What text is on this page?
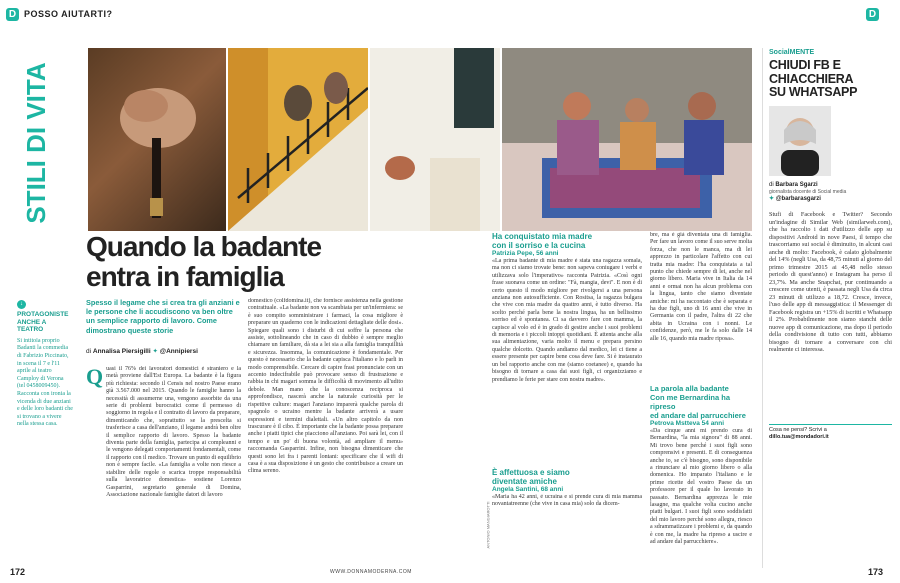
D POSSO AIUTARTI?	D
STILI DI VITA
ANTONIO MANGIAROTTI
Quando la badante
entra in famiglia
Spesso il legame che si crea tra gli anziani e le persone che li accudiscono va ben oltre un semplice rapporto di lavoro. Come dimostrano queste storie
di Annalisa Piersigilli ✦ @Annipiersi
↓
PROTAGONISTE
ANCHE A TEATRO
Si intitola proprio Badanti la commedia di Fabrizio Piccinato, in scena il 7 e l'11 aprile al teatro Camploy di Verona (tel 0458009450). Racconta con ironia la vicenda di due anziani e delle loro badanti che si trovano a vivere nella stessa casa.
Q uasi il 76% dei lavoratori domestici è straniero e la metà proviene dall'Est Europa. La badante è la figura più richiesta: secondo il Censis nel nostro Paese erano già 3.567.000 nel 2015. Quando le famiglie hanno la necessità di assumerne una, vengono assorbite da una serie di problemi burocratici come il permesso di soggiorno in regola e il contratto di lavoro da preparare, dimenticando che, soprattutto se la prescelta si trasferisce a casa dell'anziano, il legame andrà ben oltre il semplice rapporto di lavoro. Spesso la badante diventa parte della famiglia, partecipa ai compleanni e le vengono delegati comportamenti fondamentali, come il rapporto con il medico. Trovare un punto di equilibrio non è sempre facile. «La famiglia a volte non riesce a stabilire delle regole o scarica troppe responsabilità sulla lavoratrice domestica» sostiene Lorenzo Gasparrini, segretario generale di Domina, Associazione nazionale famiglie datori di lavoro
domestico (colfdomina.it), che fornisce assistenza nella gestione contrattuale. «La badante non va scambiata per un'infermiera: se è suo compito somministrare i farmaci, la cosa migliore è preparare un quaderno con le indicazioni dettagliate delle dosi». Spiegare quali sono i disturbi di cui soffre la persona che assiste, sottolineando che in caso di dubbio è sempre meglio chiamare un familiare, dà sia a lei sia a alla famiglia tranquillità e sicurezza. Insomma, la comunicazione è fondamentale. Per questo è necessario che la badante capisca l'italiano e lo parli in modo comprensibile. Cercare di capire frasi pronunciate con un accento indecifrabile può provocare senso di frustrazione e rabbia in chi magari somma le difficoltà di movimento all'udito debole. Man mano che la conoscenza reciproca si approfondisce, nascerà anche la naturale curiosità per le rispettive culture: magari l'anziano imparerà qualche parola di spagnolo o ucraino mentre la badante arriverà a usare espressioni e termini dialettali. «Un altro capitolo da non trascurare è il cibo. È importante che la badante possa preparare anche i piatti tipici che piacciono all'anziano. Poi sarà lei, con il tempo e un po' di buona volontà, ad ampliare il menu» raccomanda Gasparrini. Infine, non bisogna dimenticare che questi sono lei fra i parenti lontani: specificare che il wifi di casa è a sua disposizione è un gesto che contribuisce a creare un clima sereno.
Ha conquistato mia madre
con il sorriso e la cucina
Patrizia Pepe, 56 anni
«La prima badante di mia madre è stata una ragazza somala, ma non ci siamo trovate bene: non sapeva coniugare i verbi e utilizzava solo l'imperativo» racconta Patrizia. «Così ogni frase suonava come un ordine: "Fà, mangia, devi". E non è di certo questo il modo migliore per rivolgersi a una persona anziana non autosufficiente. Con Rositsa, la ragazza bulgara che vive con mia madre da quattro anni, è tutto diverso. Ha scelto perché parla bene la nostra lingua, ha un bellissimo sorriso ed è spontanea. Ci sa davvero fare con mamma, la capisce al volo ed è in grado di gestire anche i suoi problemi di memoria e i piccoli intoppi quotidiani. È attenta anche alla sua alimentazione, varia molto il menu e prepara persino qualche dolcetto. Quando andiamo dal medico, lei ci tiene a essere presente per capire bene cosa deve fare. Si è instaurato un bel rapporto anche con me (siamo coetanee) e, quando ha bisogno di tornare a casa dai suoi figli, ci organizziamo e prendiamo le ferie per stare con nostra madre».
È affettuosa e siamo
diventate amiche
Angela Santini, 68 anni
«Maria ha 42 anni, è ucraina e si prende cura di mia mamma novantatreenne (che vive in casa mia) solo da dicem-
bre, ma è già diventata una di famiglia. Per fare un lavoro come il suo serve molta forza, che non le manca, ma di lei apprezzo in particolare l'affetto con cui tratta mia madre: l'ha conquistata a tal punto che chiede sempre di lei, anche nel giorno libero. Maria vive in Italia da 14 anni e ormai non ha alcun problema con la lingua, tanto che siamo diventate amiche: mi ha raccontato che è separata e ha due figli, uno di 16 anni che vive in Germania con il padre, l'altra di 22 che abita in Ucraina con i nonni. Le confidenze, però, me le fa solo dalle 14 alle 16, quando mia madre riposa».
La parola alla badante
Con me Bernardina ha ripreso
ed andare dal parrucchiere
Petrova Mstteva 54 anni
«Da cinque anni mi prendo cura di Bernardina, "la mia signora" di 88 anni. Mi trovo bene perché i suoi figli sono comprensivi e presenti. E di conseguenza anche io, se c'è bisogno, sono disponibile a rinunciare al mio giorno libero o alla domenica. Ho imparato l'italiano e le prime ricette del vostro Paese da un professore per il quale ho lavorato in passato. Bernardina apprezza le mie lasagne, ma qualche volta cucino anche piatti bulgari. I suoi figli sono soddisfatti del mio lavoro perché sono allegra, riesco a sdrammatizzare i problemi e, da quando è con me, la madre ha ripreso a uscire e ad andare dal parrucchiere».
SocialMENTE
CHIUDI FB E
CHIACCHIERA
SU WHATSAPP
di Barbara Sgarzi
giornalista docente di Social media
✦ @barbarasgarzi
Stufi di Facebook e Twitter? Secondo un'indagine di Similar Web (similarweb.com), che ha raccolto i dati d'utilizzo delle app su dispositivi Android in nove Paesi, il tempo che trascorriamo sui social è diminuito, in alcuni casi anche di molto: Facebook, è calato globalmente del 14% (negli Usa, da 48,75 minuti al giorno del primo trimestre 2015 ai 45,48 nello stesso periodo di quest'anno) e Instagram ha perso il 23,7%. Ma anche Snapchat, pur continuando a crescere come utenti, è passata negli Usa da circa 23 minuti di utilizzo a 18,72. Cresce, invece, l'uso delle app di messaggistica: il Messenger di Facebook registra un +15% di iscritti e Whatsapp il 2%. Probabilmente non siamo stanchi delle nuove app di comunicazione, ma dopo il periodo della condivisione di tutto con tutti, abbiamo bisogno di tornare a conversare con chi realmente ci interessa.
Cosa ne pensi? Scrivi a
dillo.tua@mondadori.it
172	WWW.DONNAMODERNA.COM	173
